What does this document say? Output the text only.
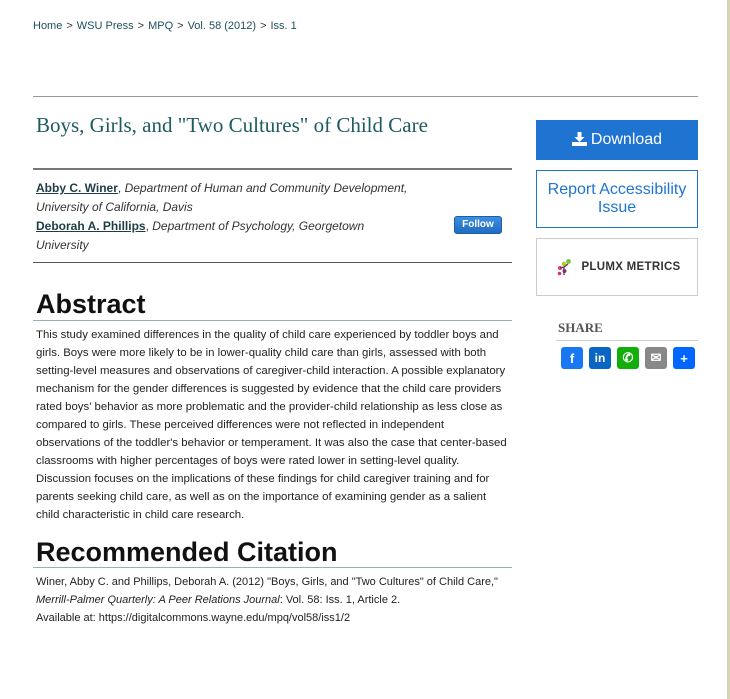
Home > WSU Press > MPQ > Vol. 58 (2012) > Iss. 1
Boys, Girls, and "Two Cultures" of Child Care
Abby C. Winer, Department of Human and Community Development,
University of California, Davis
Deborah A. Phillips, Department of Psychology, Georgetown
University
Follow
Abstract
This study examined differences in the quality of child care experienced by toddler boys and girls. Boys were more likely to be in lower-quality child care than girls, assessed with both setting-level measures and observations of caregiver-child interaction. A possible explanatory mechanism for the gender differences is suggested by evidence that the child care providers rated boys' behavior as more problematic and the provider-child relationship as less close as compared to girls. These perceived differences were not reflected in independent observations of the toddler's behavior or temperament. It was also the case that center-based classrooms with higher percentages of boys were rated lower in setting-level quality. Discussion focuses on the implications of these findings for child caregiver training and for parents seeking child care, as well as on the importance of examining gender as a salient child characteristic in child care research.
Recommended Citation
Winer, Abby C. and Phillips, Deborah A. (2012) "Boys, Girls, and "Two Cultures" of Child Care,"
Merrill-Palmer Quarterly: A Peer Relations Journal: Vol. 58: Iss. 1, Article 2.
Available at: https://digitalcommons.wayne.edu/mpq/vol58/iss1/2
Download
Report Accessibility
Issue
PLUMX METRICS
SHARE
f in ✆ ✉ +
